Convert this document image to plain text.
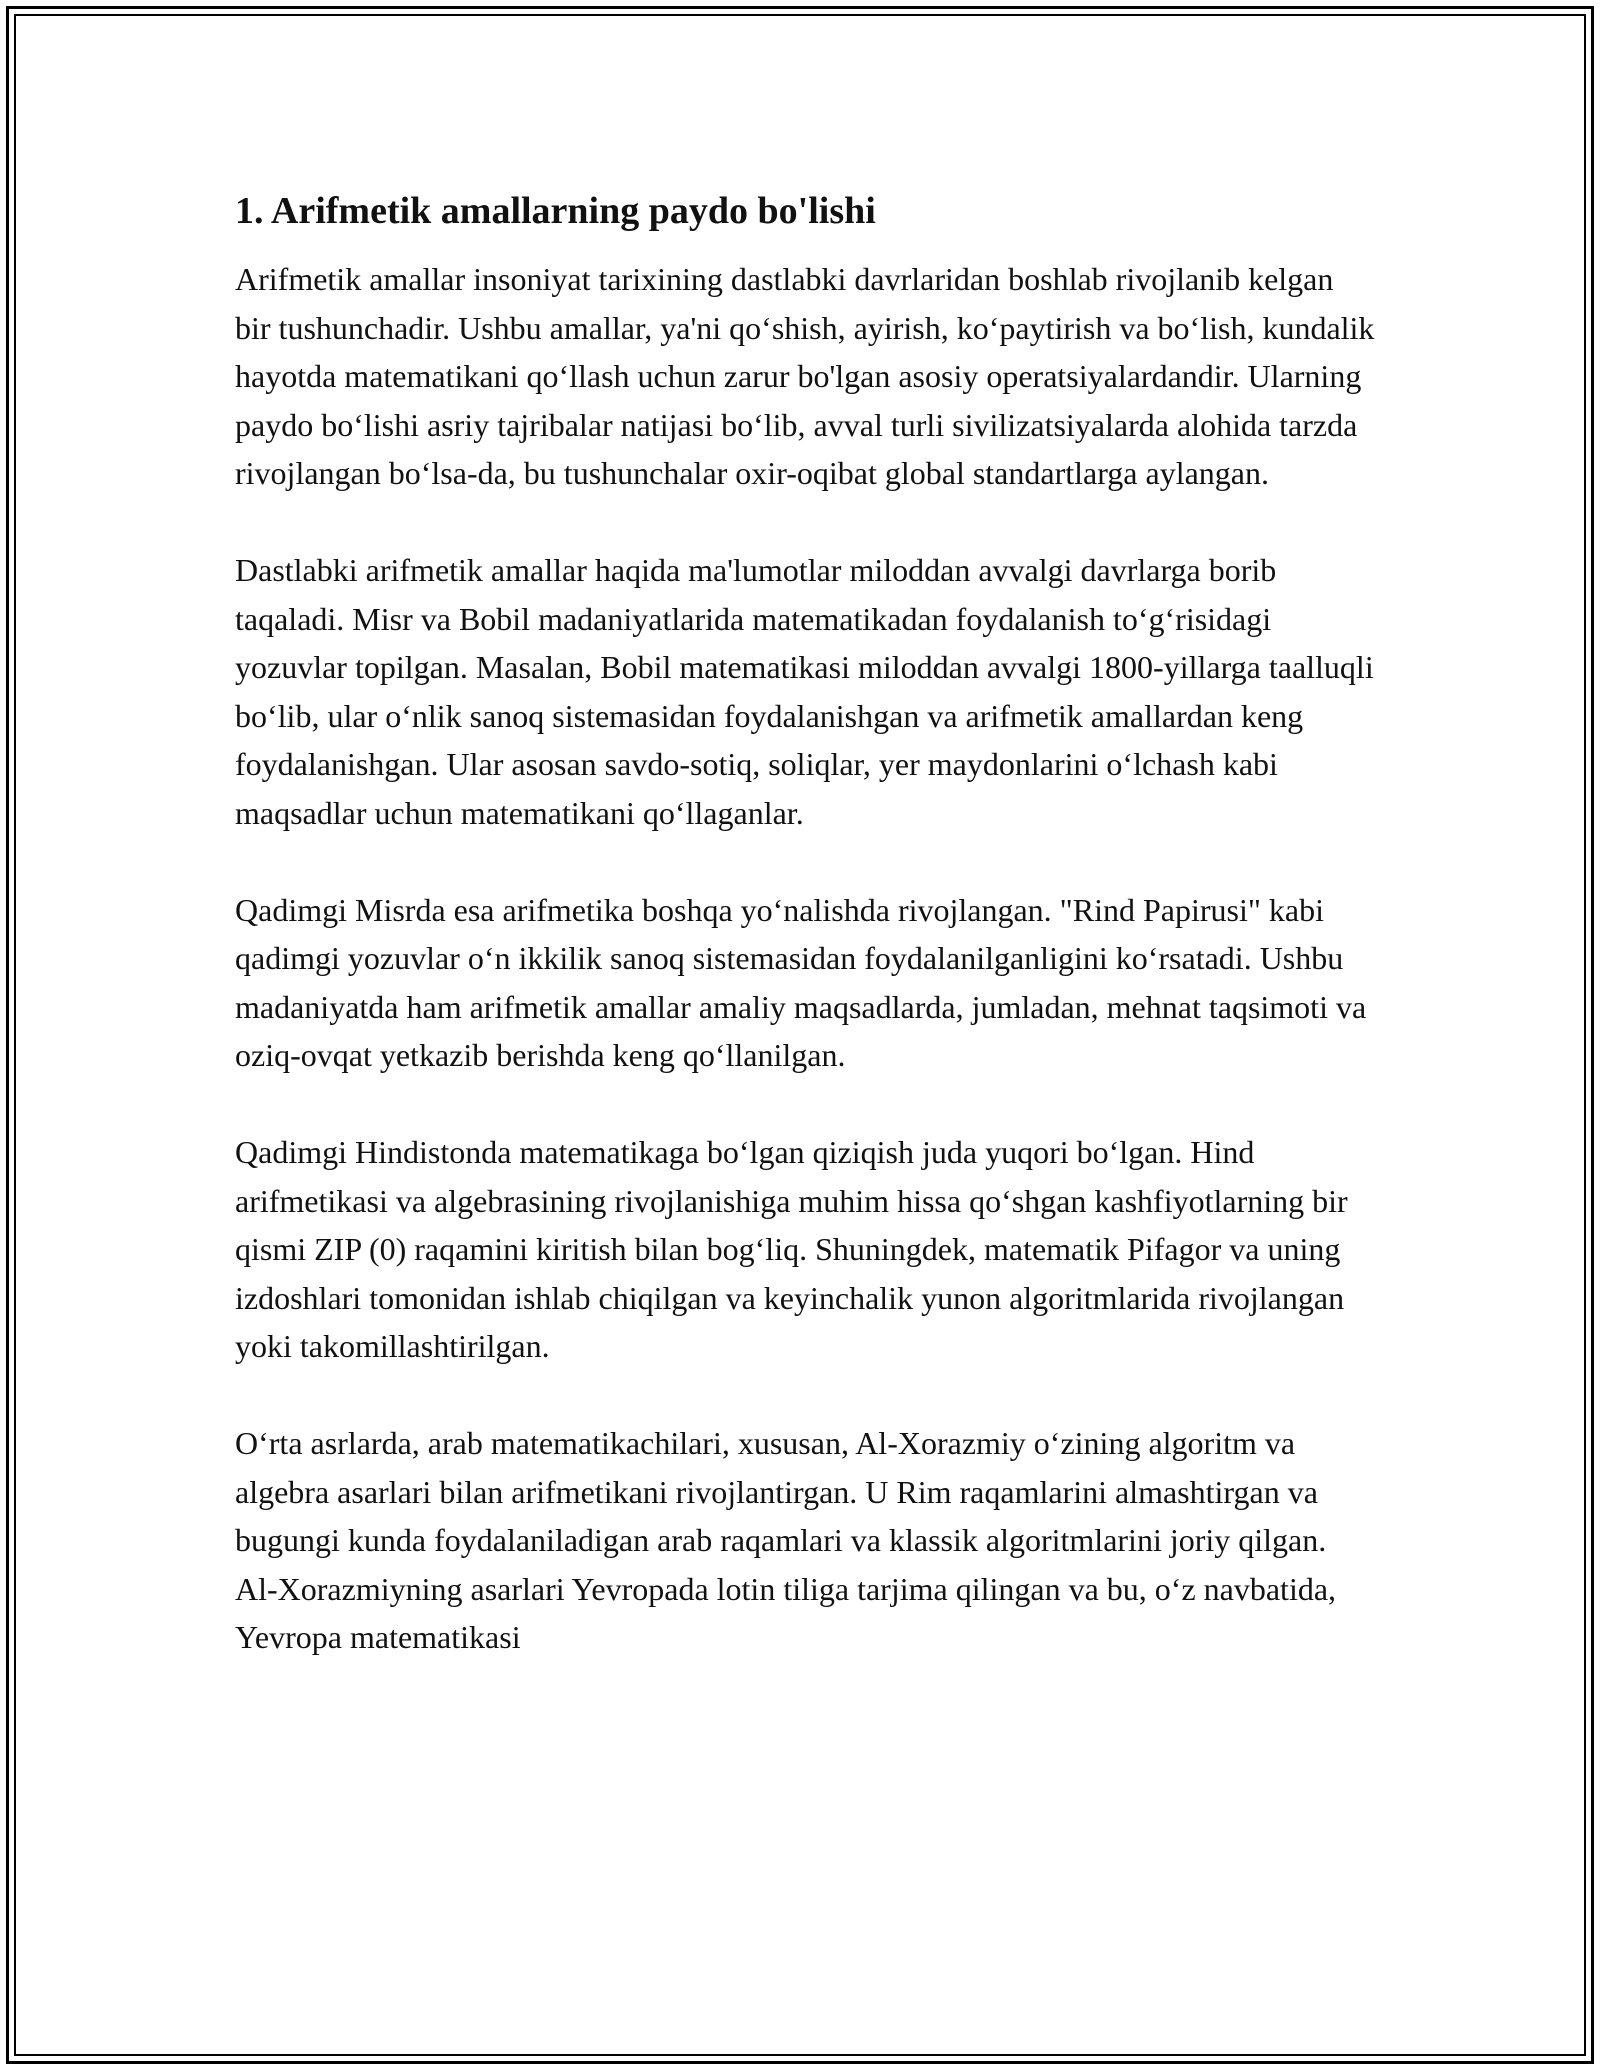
1. Arifmetik amallarning paydo bo'lishi

Arifmetik amallar insoniyat tarixining dastlabki davrlaridan boshlab rivojlanib kelgan bir tushunchadir. Ushbu amallar, ya'ni qo‘shish, ayirish, ko‘paytirish va bo‘lish, kundalik hayotda matematikani qo‘llash uchun zarur bo'lgan asosiy operatsiyalardandir. Ularning paydo bo‘lishi asriy tajribalar natijasi bo‘lib, avval turli sivilizatsiyalarda alohida tarzda rivojlangan bo‘lsa-da, bu tushunchalar oxir-oqibat global standartlarga aylangan.

Dastlabki arifmetik amallar haqida ma'lumotlar miloddan avvalgi davrlarga borib taqaladi. Misr va Bobil madaniyatlarida matematikadan foydalanish to‘g‘risidagi yozuvlar topilgan. Masalan, Bobil matematikasi miloddan avvalgi 1800-yillarga taalluqli bo‘lib, ular o‘nlik sanoq sistemasidan foydalanishgan va arifmetik amallardan keng foydalanishgan. Ular asosan savdo-sotiq, soliqlar, yer maydonlarini o‘lchash kabi maqsadlar uchun matematikani qo‘llaganlar.

Qadimgi Misrda esa arifmetika boshqa yo‘nalishda rivojlangan. "Rind Papirusi" kabi qadimgi yozuvlar o‘n ikkilik sanoq sistemasidan foydalanilganligini ko‘rsatadi. Ushbu madaniyatda ham arifmetik amallar amaliy maqsadlarda, jumladan, mehnat taqsimoti va oziq-ovqat yetkazib berishda keng qo‘llanilgan.

Qadimgi Hindistonda matematikaga bo‘lgan qiziqish juda yuqori bo‘lgan. Hind arifmetikasi va algebrasining rivojlanishiga muhim hissa qo‘shgan kashfiyotlarning bir qismi ZIP (0) raqamini kiritish bilan bog‘liq. Shuningdek, matematik Pifagor va uning izdoshlari tomonidan ishlab chiqilgan va keyinchalik yunon algoritmlarida rivojlangan yoki takomillashtirilgan.

O‘rta asrlarda, arab matematikachilari, xususan, Al-Xorazmiy o‘zining algoritm va algebra asarlari bilan arifmetikani rivojlantirgan. U Rim raqamlarini almashtirgan va bugungi kunda foydalaniladigan arab raqamlari va klassik algoritmlarini joriy qilgan. Al-Xorazmiyning asarlari Yevropada lotin tiliga tarjima qilingan va bu, o‘z navbatida, Yevropa matematikasi
